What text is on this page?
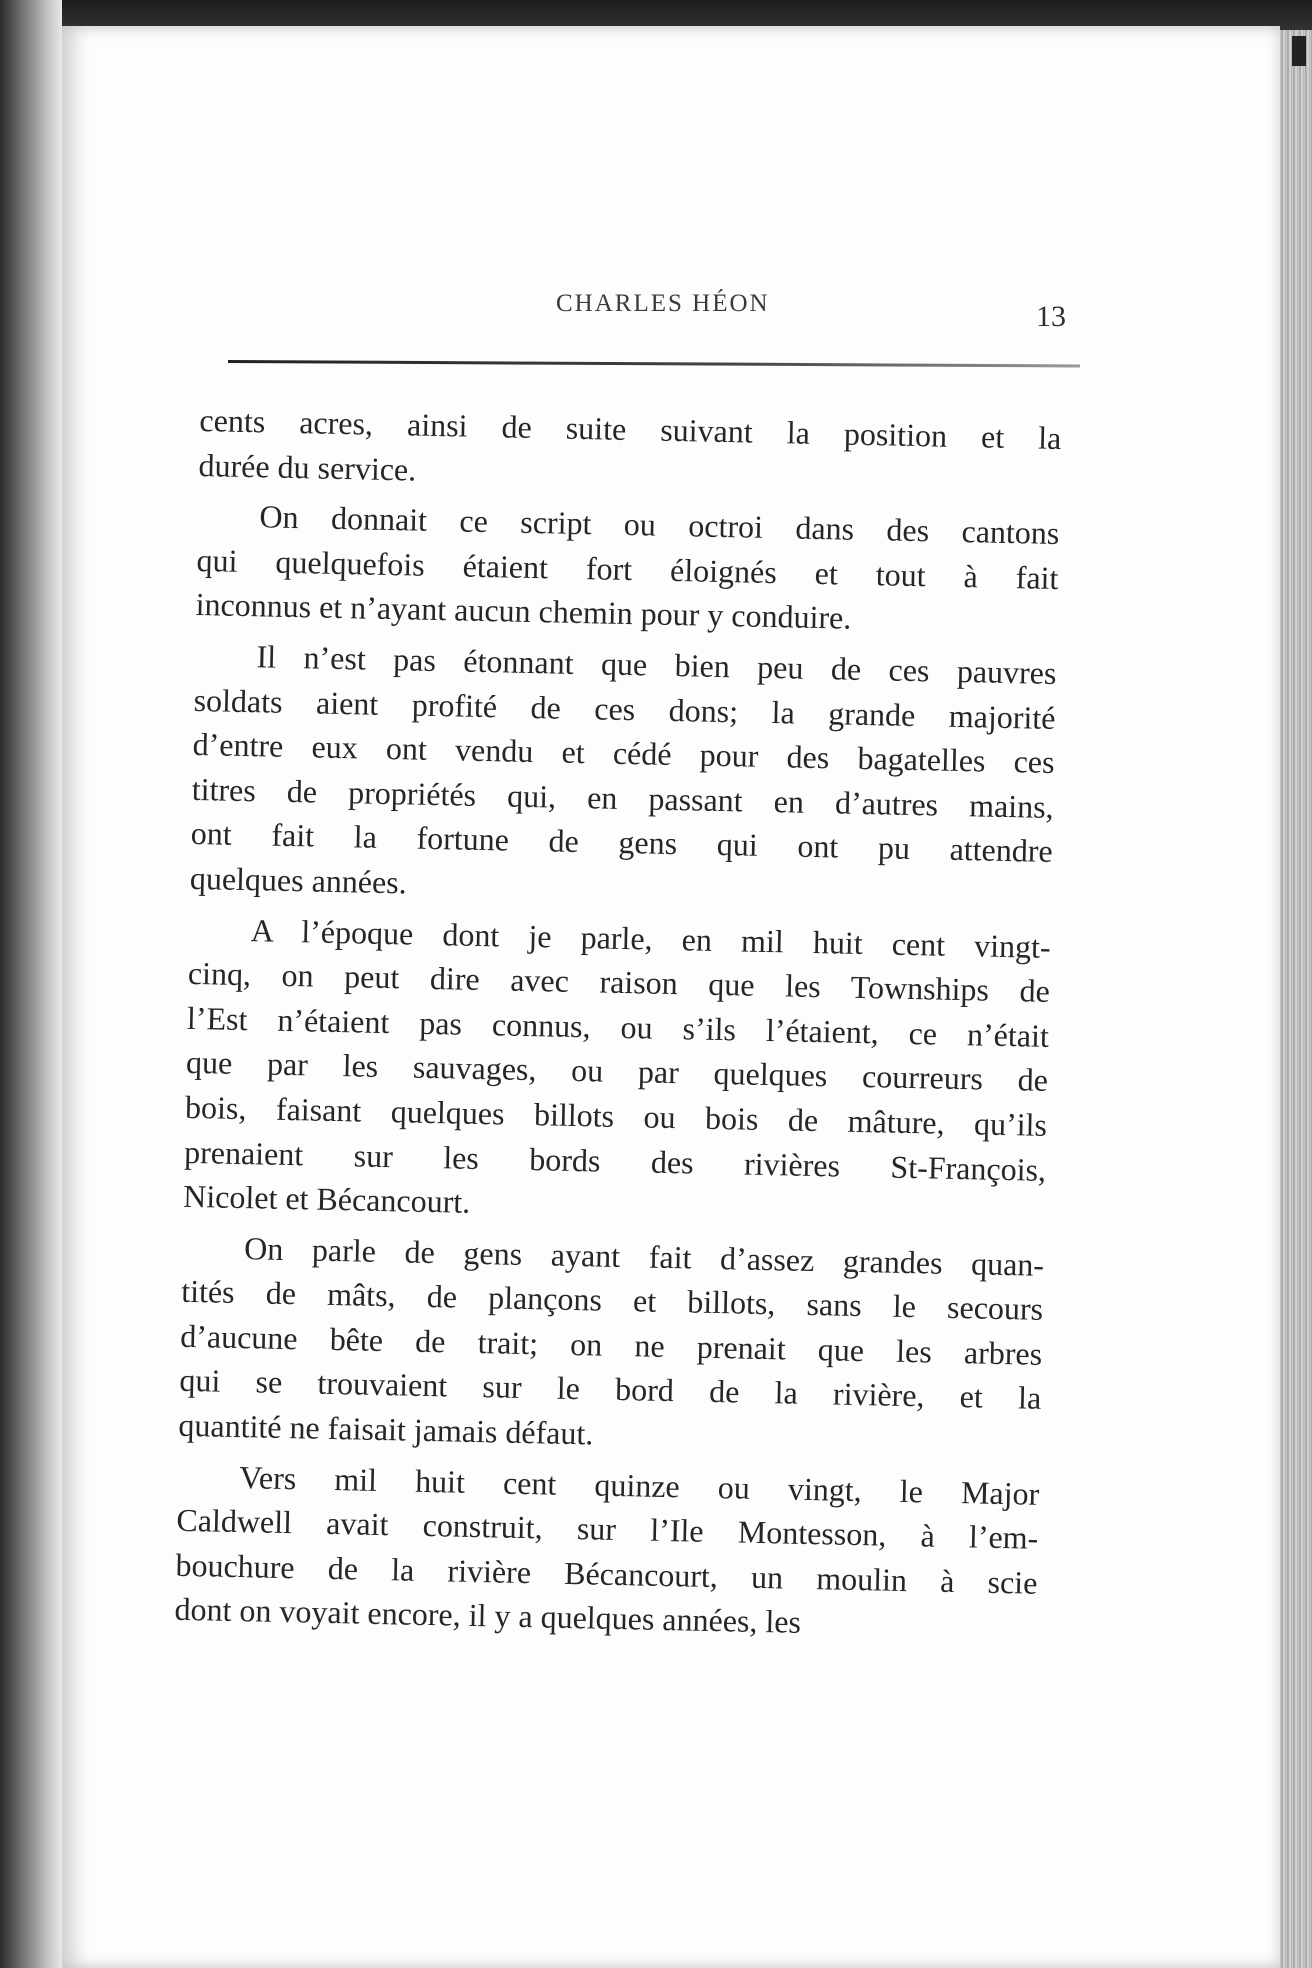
CHARLES HÉON	13
cents acres, ainsi de suite suivant la position et la
durée du service.
On donnait ce script ou octroi dans des cantons
qui quelquefois étaient fort éloignés et tout à fait
inconnus et n’ayant aucun chemin pour y conduire.
Il n’est pas étonnant que bien peu de ces pauvres
soldats aient profité de ces dons; la grande majorité
d’entre eux ont vendu et cédé pour des bagatelles ces
titres de propriétés qui, en passant en d’autres mains,
ont fait la fortune de gens qui ont pu attendre
quelques années.
A l’époque dont je parle, en mil huit cent vingt-
cinq, on peut dire avec raison que les Townships de
l’Est n’étaient pas connus, ou s’ils l’étaient, ce n’était
que par les sauvages, ou par quelques courreurs de
bois, faisant quelques billots ou bois de mâture, qu’ils
prenaient sur les bords des rivières St-François,
Nicolet et Bécancourt.
On parle de gens ayant fait d’assez grandes quan-
tités de mâts, de plançons et billots, sans le secours
d’aucune bête de trait; on ne prenait que les arbres
qui se trouvaient sur le bord de la rivière, et la
quantité ne faisait jamais défaut.
Vers mil huit cent quinze ou vingt, le Major
Caldwell avait construit, sur l’Ile Montesson, à l’em-
bouchure de la rivière Bécancourt, un moulin à scie
dont on voyait encore, il y a quelques années, les
